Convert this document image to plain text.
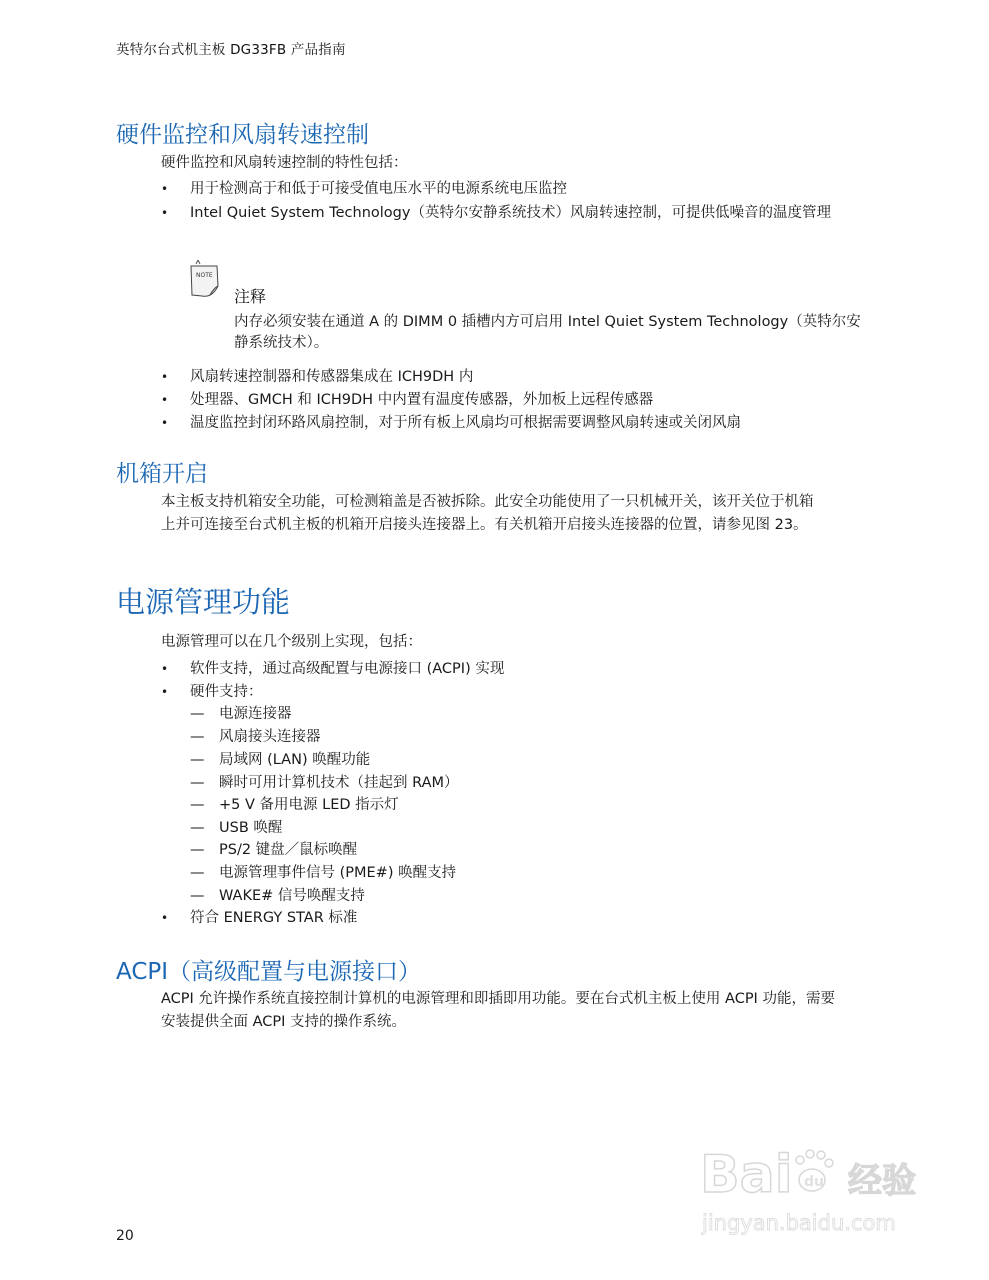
英特尔台式机主板 DG33FB 产品指南
硬件监控和风扇转速控制

硬件监控和风扇转速控制的特性包括：

•	用于检测高于和低于可接受值电压水平的电源系统电压监控
•	Intel Quiet System Technology（英特尔安静系统技术）风扇转速控制，可提供低噪音的温度管理
NOTE
注释
内存必须安装在通道 A 的 DIMM 0 插槽内方可启用 Intel Quiet System Technology（英特尔安静系统技术）。
•	风扇转速控制器和传感器集成在 ICH9DH 内
•	处理器、GMCH 和 ICH9DH 中内置有温度传感器，外加板上远程传感器
•	温度监控封闭环路风扇控制，对于所有板上风扇均可根据需要调整风扇转速或关闭风扇
机箱开启

本主板支持机箱安全功能，可检测箱盖是否被拆除。此安全功能使用了一只机械开关，该开关位于机箱上并可连接至台式机主板的机箱开启接头连接器上。有关机箱开启接头连接器的位置，请参见图 23。

电源管理功能

电源管理可以在几个级别上实现，包括：

•	软件支持，通过高级配置与电源接口 (ACPI) 实现
•	硬件支持：
— 电源连接器
— 风扇接头连接器
— 局域网 (LAN) 唤醒功能
— 瞬时可用计算机技术（挂起到 RAM）
— +5 V 备用电源 LED 指示灯
— USB 唤醒
— PS/2 键盘／鼠标唤醒
— 电源管理事件信号 (PME#) 唤醒支持
— WAKE# 信号唤醒支持
•	符合 ENERGY STAR 标准
ACPI（高级配置与电源接口）

ACPI 允许操作系统直接控制计算机的电源管理和即插即用功能。要在台式机主板上使用 ACPI 功能，需要安装提供全面 ACPI 支持的操作系统。

Bai du 经验
jingyan.baidu.com
20
